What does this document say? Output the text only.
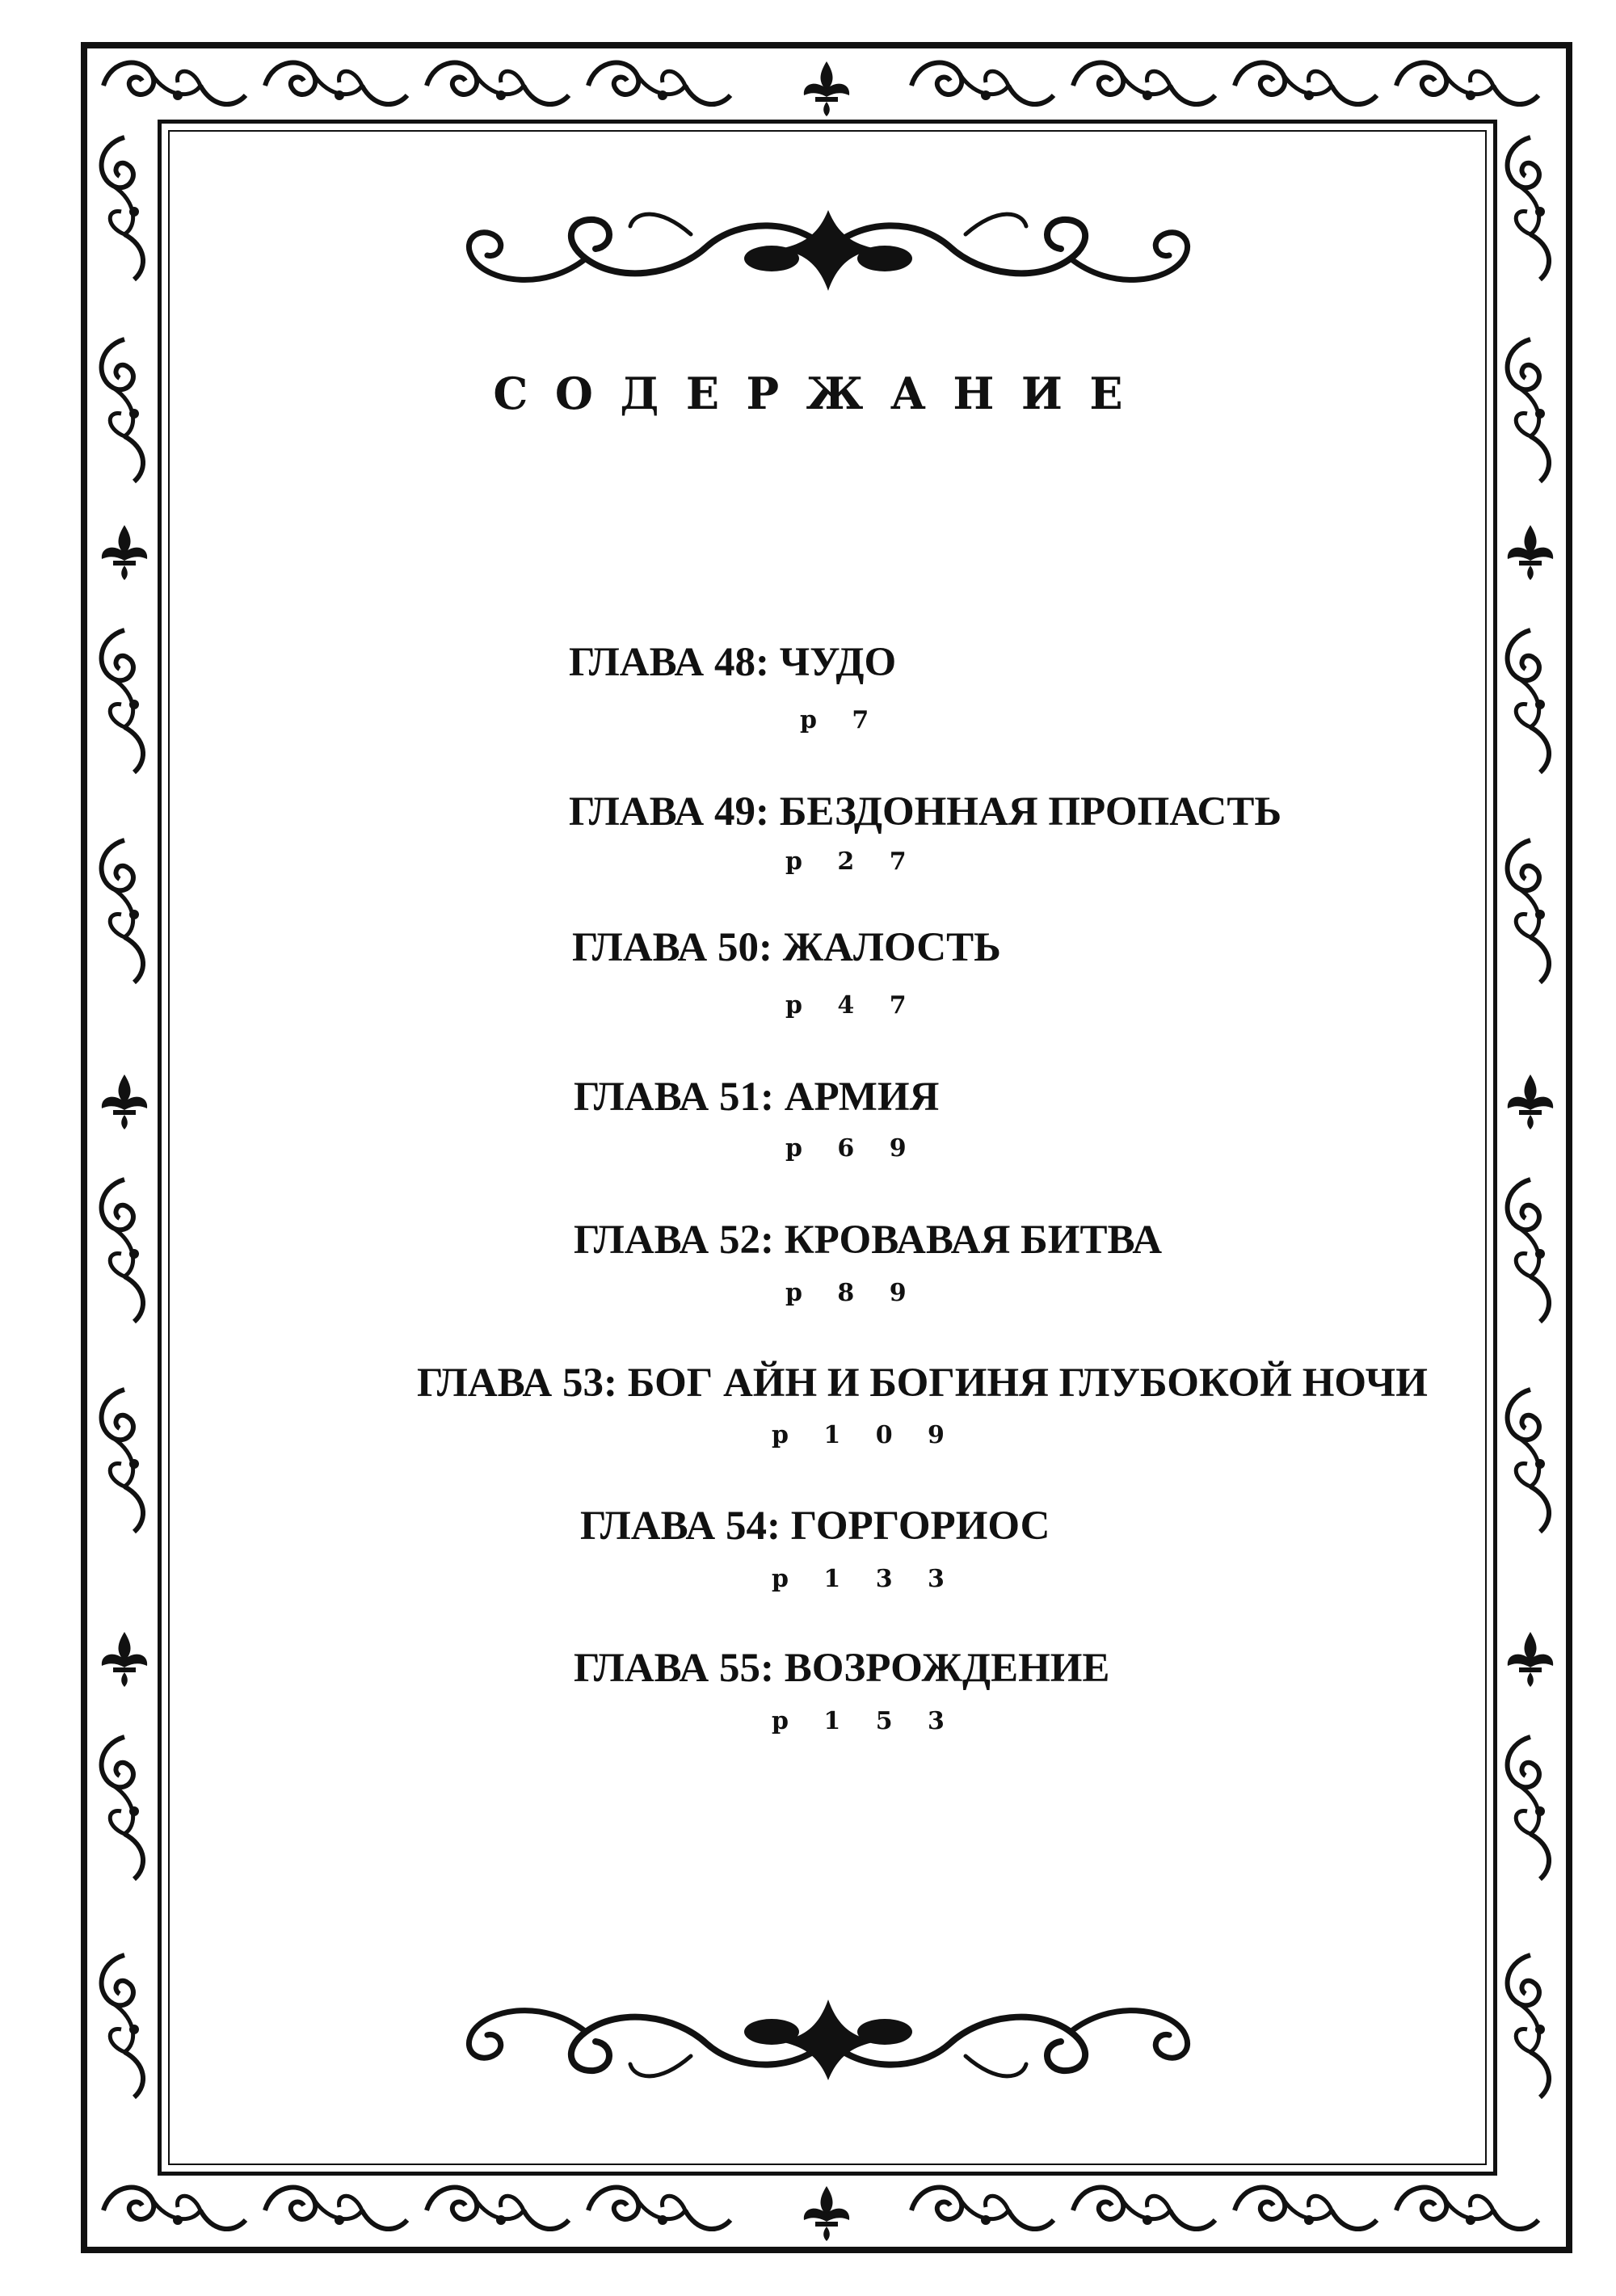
СОДЕРЖАНИЕ

ГЛАВА 48: ЧУДО

p 7

ГЛАВА 49: БЕЗДОННАЯ ПРОПАСТЬ

p 2 7

ГЛАВА 50: ЖАЛОСТЬ

p 4 7

ГЛАВА 51: АРМИЯ

p 6 9

ГЛАВА 52: КРОВАВАЯ БИТВА

p 8 9

ГЛАВА 53: БОГ АЙН И БОГИНЯ ГЛУБОКОЙ НОЧИ

p 1 0 9

ГЛАВА 54: ГОРГОРИОС

p 1 3 3

ГЛАВА 55: ВОЗРОЖДЕНИЕ

p 1 5 3
